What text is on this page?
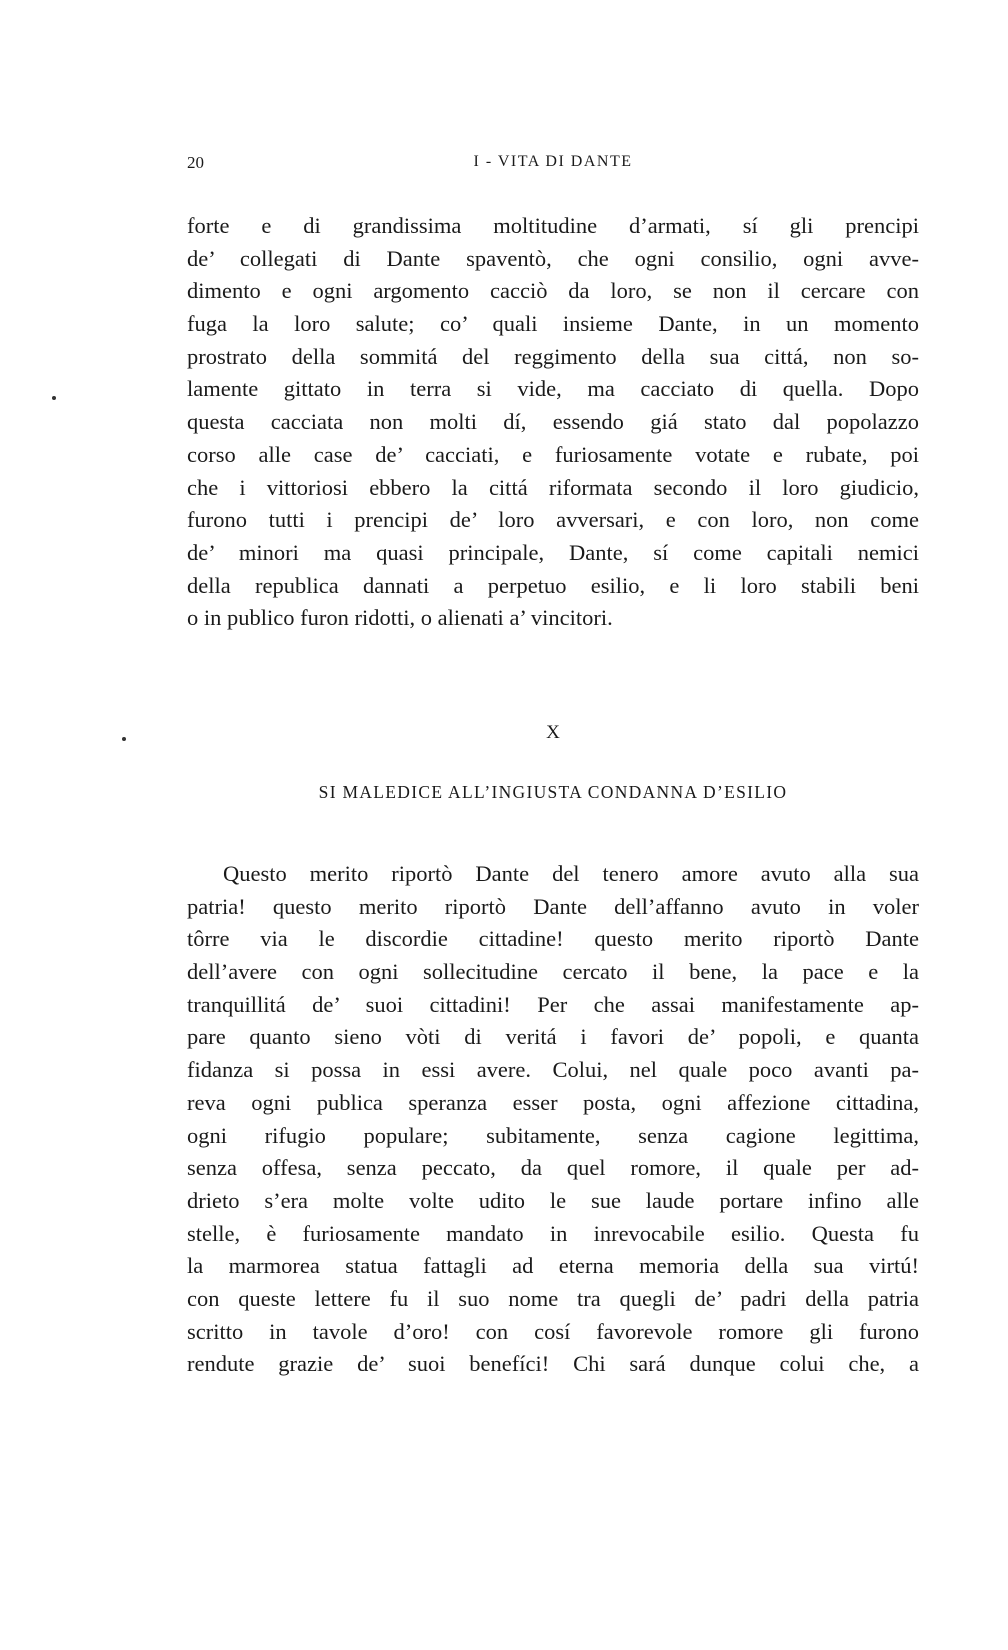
20	I - VITA DI DANTE
forte e di grandissima moltitudine d’armati, sí gli prencipi
de’ collegati di Dante spaventò, che ogni consilio, ogni avve-
dimento e ogni argomento cacciò da loro, se non il cercare con
fuga la loro salute; co’ quali insieme Dante, in un momento
prostrato della sommitá del reggimento della sua cittá, non so-
lamente gittato in terra si vide, ma cacciato di quella. Dopo
questa cacciata non molti dí, essendo giá stato dal popolazzo
corso alle case de’ cacciati, e furiosamente votate e rubate, poi
che i vittoriosi ebbero la cittá riformata secondo il loro giudicio,
furono tutti i prencipi de’ loro avversari, e con loro, non come
de’ minori ma quasi principale, Dante, sí come capitali nemici
della republica dannati a perpetuo esilio, e li loro stabili beni
o in publico furon ridotti, o alienati a’ vincitori.
X
SI MALEDICE ALL’INGIUSTA CONDANNA D’ESILIO
Questo merito riportò Dante del tenero amore avuto alla sua
patria! questo merito riportò Dante dell’affanno avuto in voler
tôrre via le discordie cittadine! questo merito riportò Dante
dell’avere con ogni sollecitudine cercato il bene, la pace e la
tranquillitá de’ suoi cittadini! Per che assai manifestamente ap-
pare quanto sieno vòti di veritá i favori de’ popoli, e quanta
fidanza si possa in essi avere. Colui, nel quale poco avanti pa-
reva ogni publica speranza esser posta, ogni affezione cittadina,
ogni rifugio populare; subitamente, senza cagione legittima,
senza offesa, senza peccato, da quel romore, il quale per ad-
drieto s’era molte volte udito le sue laude portare infino alle
stelle, è furiosamente mandato in inrevocabile esilio. Questa fu
la marmorea statua fattagli ad eterna memoria della sua virtú!
con queste lettere fu il suo nome tra quegli de’ padri della patria
scritto in tavole d’oro! con cosí favorevole romore gli furono
rendute grazie de’ suoi benefíci! Chi sará dunque colui che, a
